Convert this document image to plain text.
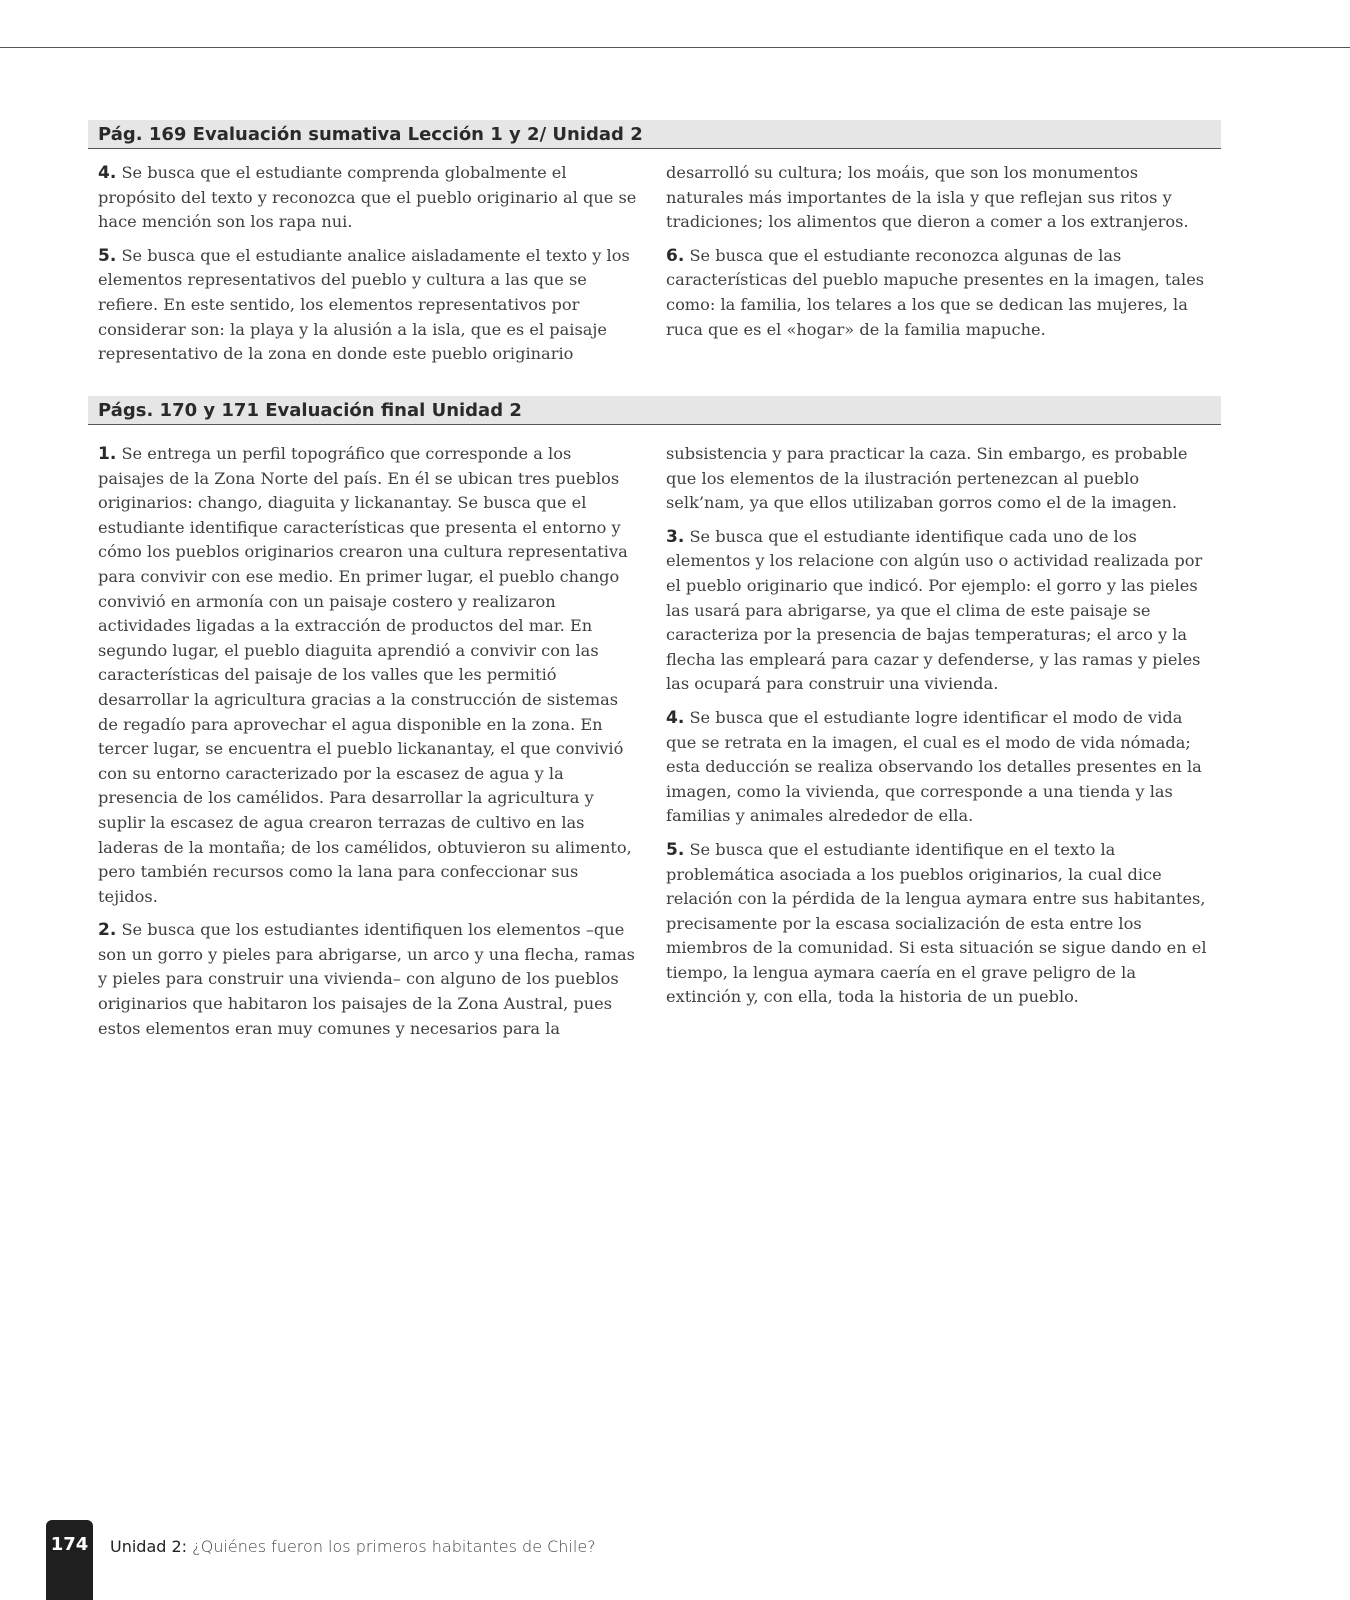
Pág. 169 Evaluación sumativa Lección 1 y 2/ Unidad 2

4. Se busca que el estudiante comprenda globalmente el propósito del texto y reconozca que el pueblo originario al que se hace mención son los rapa nui.

5. Se busca que el estudiante analice aisladamente el texto y los elementos representativos del pueblo y cultura a las que se refiere. En este sentido, los elementos representativos por considerar son: la playa y la alusión a la isla, que es el paisaje representativo de la zona en donde este pueblo originario

desarrolló su cultura; los moáis, que son los monumentos naturales más importantes de la isla y que reflejan sus ritos y tradiciones; los alimentos que dieron a comer a los extranjeros.

6. Se busca que el estudiante reconozca algunas de las características del pueblo mapuche presentes en la imagen, tales como: la familia, los telares a los que se dedican las mujeres, la ruca que es el «hogar» de la familia mapuche.

Págs. 170 y 171 Evaluación final Unidad 2

1. Se entrega un perfil topográfico que corresponde a los paisajes de la Zona Norte del país. En él se ubican tres pueblos originarios: chango, diaguita y lickanantay. Se busca que el estudiante identifique características que presenta el entorno y cómo los pueblos originarios crearon una cultura representativa para convivir con ese medio. En primer lugar, el pueblo chango convivió en armonía con un paisaje costero y realizaron actividades ligadas a la extracción de productos del mar. En segundo lugar, el pueblo diaguita aprendió a convivir con las características del paisaje de los valles que les permitió desarrollar la agricultura gracias a la construcción de sistemas de regadío para aprovechar el agua disponible en la zona. En tercer lugar, se encuentra el pueblo lickanantay, el que convivió con su entorno caracterizado por la escasez de agua y la presencia de los camélidos. Para desarrollar la agricultura y suplir la escasez de agua crearon terrazas de cultivo en las laderas de la montaña; de los camélidos, obtuvieron su alimento, pero también recursos como la lana para confeccionar sus tejidos.

2. Se busca que los estudiantes identifiquen los elementos –que son un gorro y pieles para abrigarse, un arco y una flecha, ramas y pieles para construir una vivienda– con alguno de los pueblos originarios que habitaron los paisajes de la Zona Austral, pues estos elementos eran muy comunes y necesarios para la

subsistencia y para practicar la caza. Sin embargo, es probable que los elementos de la ilustración pertenezcan al pueblo selk’nam, ya que ellos utilizaban gorros como el de la imagen.

3. Se busca que el estudiante identifique cada uno de los elementos y los relacione con algún uso o actividad realizada por el pueblo originario que indicó. Por ejemplo: el gorro y las pieles las usará para abrigarse, ya que el clima de este paisaje se caracteriza por la presencia de bajas temperaturas; el arco y la flecha las empleará para cazar y defenderse, y las ramas y pieles las ocupará para construir una vivienda.

4. Se busca que el estudiante logre identificar el modo de vida que se retrata en la imagen, el cual es el modo de vida nómada; esta deducción se realiza observando los detalles presentes en la imagen, como la vivienda, que corresponde a una tienda y las familias y animales alrededor de ella.

5. Se busca que el estudiante identifique en el texto la problemática asociada a los pueblos originarios, la cual dice relación con la pérdida de la lengua aymara entre sus habitantes, precisamente por la escasa socialización de esta entre los miembros de la comunidad. Si esta situación se sigue dando en el tiempo, la lengua aymara caería en el grave peligro de la extinción y, con ella, toda la historia de un pueblo.

174 Unidad 2: ¿Quiénes fueron los primeros habitantes de Chile?
